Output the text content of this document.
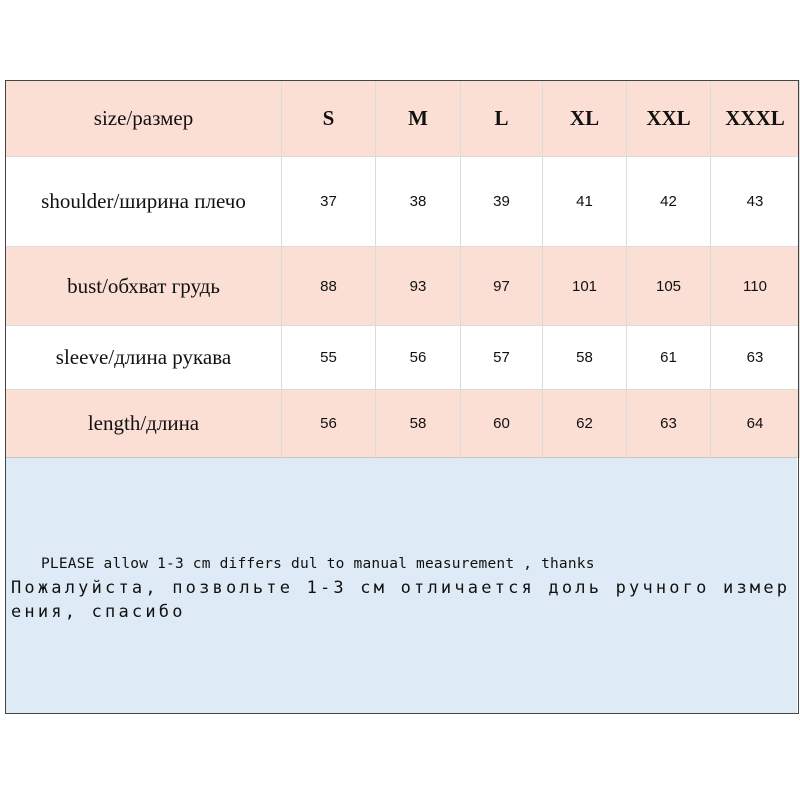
size/размер	S	M	L	XL	XXL	XXXL
shoulder/ширина плечо	37	38	39	41	42	43
bust/обхват грудь	88	93	97	101	105	110
sleeve/длина рукава	55	56	57	58	61	63
length/длина	56	58	60	62	63	64
PLEASE allow 1-3 cm differs dul to manual measurement , thanks
Пожалуйста, позвольте 1-3 см отличается доль ручного измерения, спасибо
